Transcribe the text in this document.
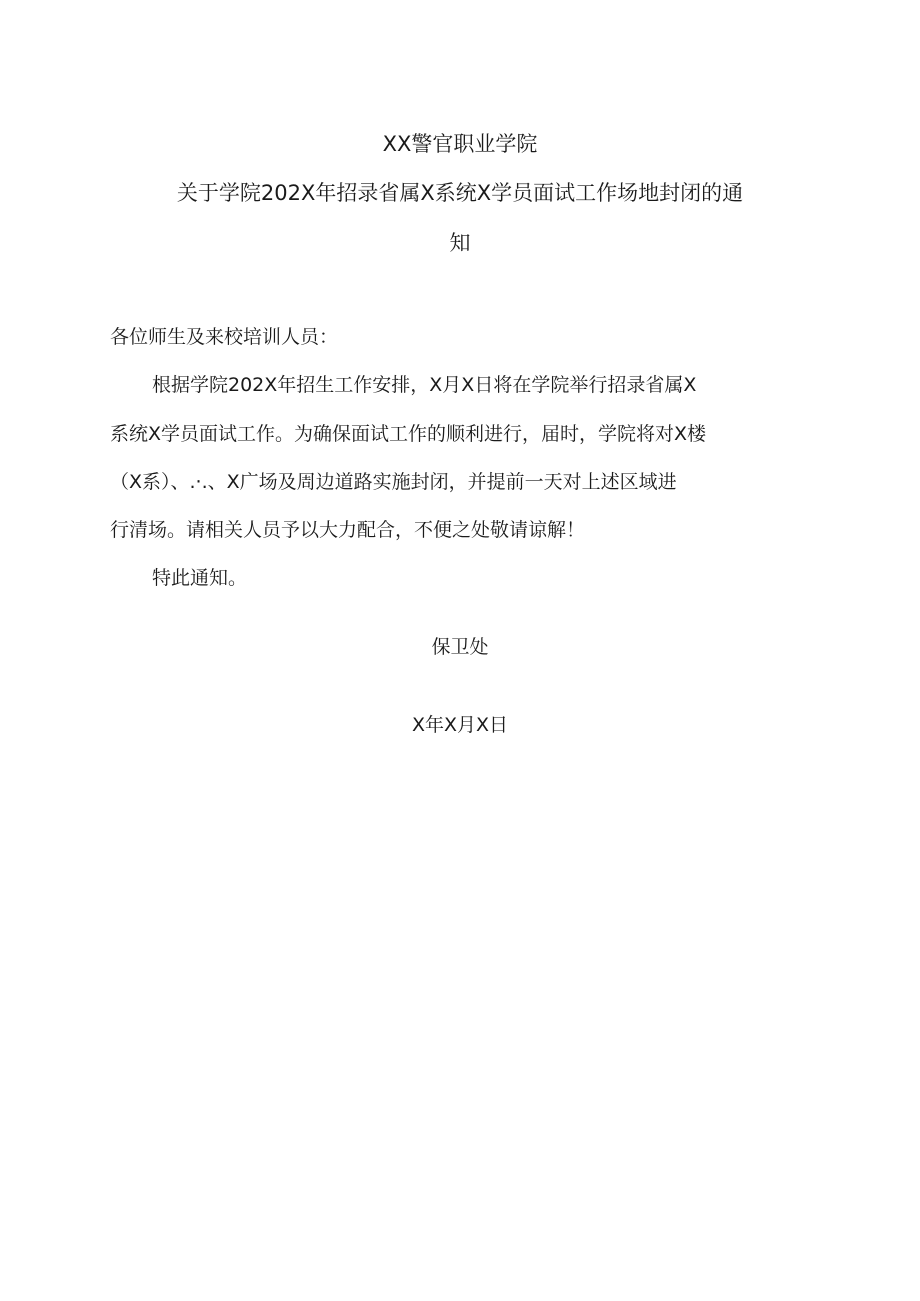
XX警官职业学院
关于学院202X年招录省属X系统X学员面试工作场地封闭的通
知
各位师生及来校培训人员：
根据学院202X年招生工作安排，X月X日将在学院举行招录省属X
系统X学员面试工作。为确保面试工作的顺利进行，届时，学院将对X楼
（X系）、.·.、X广场及周边道路实施封闭，并提前一天对上述区域进
行清场。请相关人员予以大力配合，不便之处敬请谅解！
特此通知。
保卫处
X年X月X日
